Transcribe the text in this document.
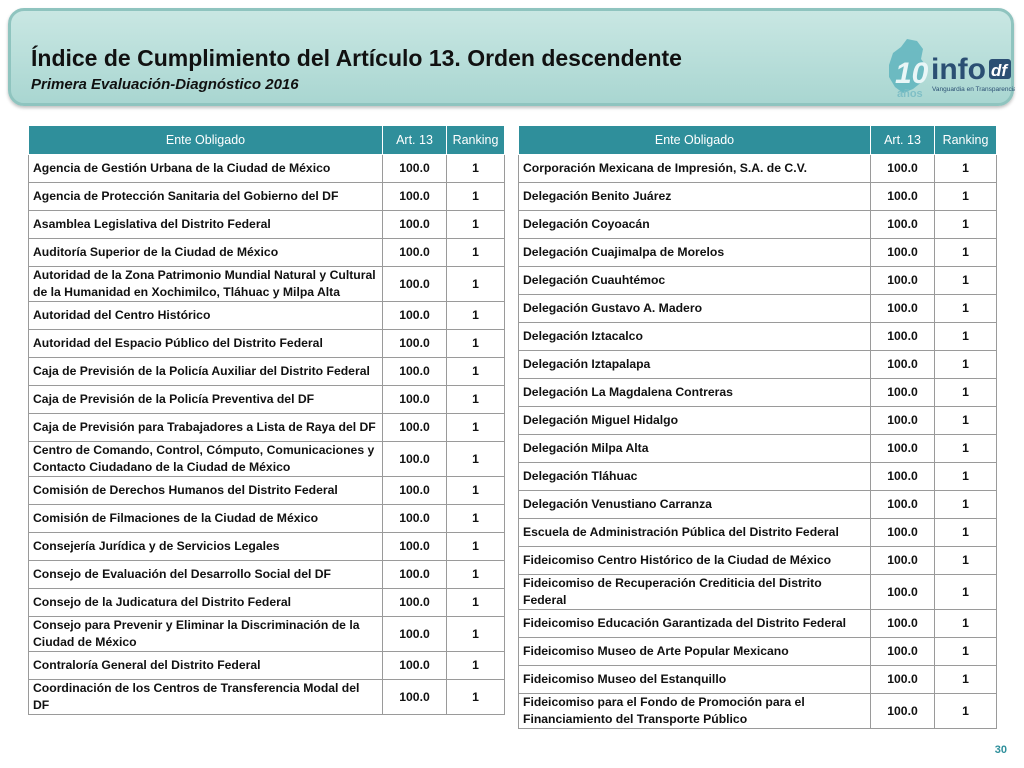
Índice de Cumplimiento del Artículo 13. Orden descendente
Primera Evaluación-Diagnóstico 2016	10
años
info df
Vanguardia en Transparencia
Ente Obligado	Art. 13	Ranking
Agencia de Gestión Urbana de la Ciudad de México	100.0	1
Agencia de Protección Sanitaria del Gobierno del DF	100.0	1
Asamblea Legislativa del Distrito Federal	100.0	1
Auditoría Superior de la Ciudad de México	100.0	1
Autoridad de la Zona Patrimonio Mundial Natural y Cultural de la Humanidad en Xochimilco, Tláhuac y Milpa Alta	100.0	1
Autoridad del Centro Histórico	100.0	1
Autoridad del Espacio Público del Distrito Federal	100.0	1
Caja de Previsión de la Policía Auxiliar del Distrito Federal	100.0	1
Caja de Previsión de la Policía Preventiva del DF	100.0	1
Caja de Previsión para Trabajadores a Lista de Raya del DF	100.0	1
Centro de Comando, Control, Cómputo, Comunicaciones y Contacto Ciudadano de la Ciudad de México	100.0	1
Comisión de Derechos Humanos del Distrito Federal	100.0	1
Comisión de Filmaciones de la Ciudad de México	100.0	1
Consejería Jurídica y de Servicios Legales	100.0	1
Consejo de Evaluación del Desarrollo Social del DF	100.0	1
Consejo de la Judicatura del Distrito Federal	100.0	1
Consejo para Prevenir y Eliminar la Discriminación de la Ciudad de México	100.0	1
Contraloría General del Distrito Federal	100.0	1
Coordinación de los Centros de Transferencia Modal del DF	100.0	1
Ente Obligado	Art. 13	Ranking
Corporación Mexicana de Impresión, S.A. de C.V.	100.0	1
Delegación Benito Juárez	100.0	1
Delegación Coyoacán	100.0	1
Delegación Cuajimalpa de Morelos	100.0	1
Delegación Cuauhtémoc	100.0	1
Delegación Gustavo A. Madero	100.0	1
Delegación Iztacalco	100.0	1
Delegación Iztapalapa	100.0	1
Delegación La Magdalena Contreras	100.0	1
Delegación Miguel Hidalgo	100.0	1
Delegación Milpa Alta	100.0	1
Delegación Tláhuac	100.0	1
Delegación Venustiano Carranza	100.0	1
Escuela de Administración Pública del Distrito Federal	100.0	1
Fideicomiso Centro Histórico de la Ciudad de México	100.0	1
Fideicomiso de Recuperación Crediticia del Distrito Federal	100.0	1
Fideicomiso Educación Garantizada del Distrito Federal	100.0	1
Fideicomiso Museo de Arte Popular Mexicano	100.0	1
Fideicomiso Museo del Estanquillo	100.0	1
Fideicomiso para el Fondo de Promoción para el Financiamiento del Transporte Público	100.0	1
30
